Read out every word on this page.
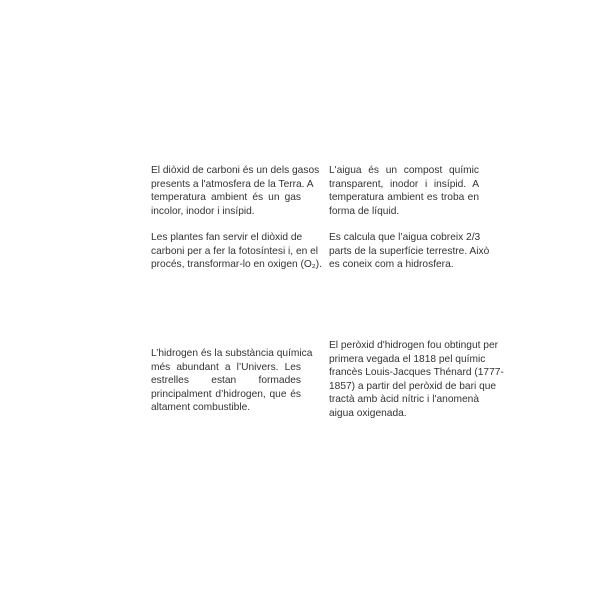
El diòxid de carboni és un dels gasos
presents a l'atmosfera de la Terra. A
temperatura ambient és un gas
incolor, inodor i insípid.

Les plantes fan servir el diòxid de
carboni per a fer la fotosíntesi i, en el
procés, transformar-lo en oxigen (O₂).

L'aigua és un compost químic
transparent, inodor i insípid. A
temperatura ambient es troba en
forma de líquid.

Es calcula que l’aigua cobreix 2/3
parts de la superfície terrestre. Això
es coneix com a hidrosfera.

L’hidrogen és la substància química
més abundant a l’Univers. Les
estrelles estan formades
principalment d’hidrogen, que és
altament combustible.

El peròxid d'hidrogen fou obtingut per
primera vegada el 1818 pel químic
francès Louis-Jacques Thénard (1777-
1857) a partir del peròxid de bari que
tractà amb àcid nítric i l'anomenà
aigua oxigenada.
